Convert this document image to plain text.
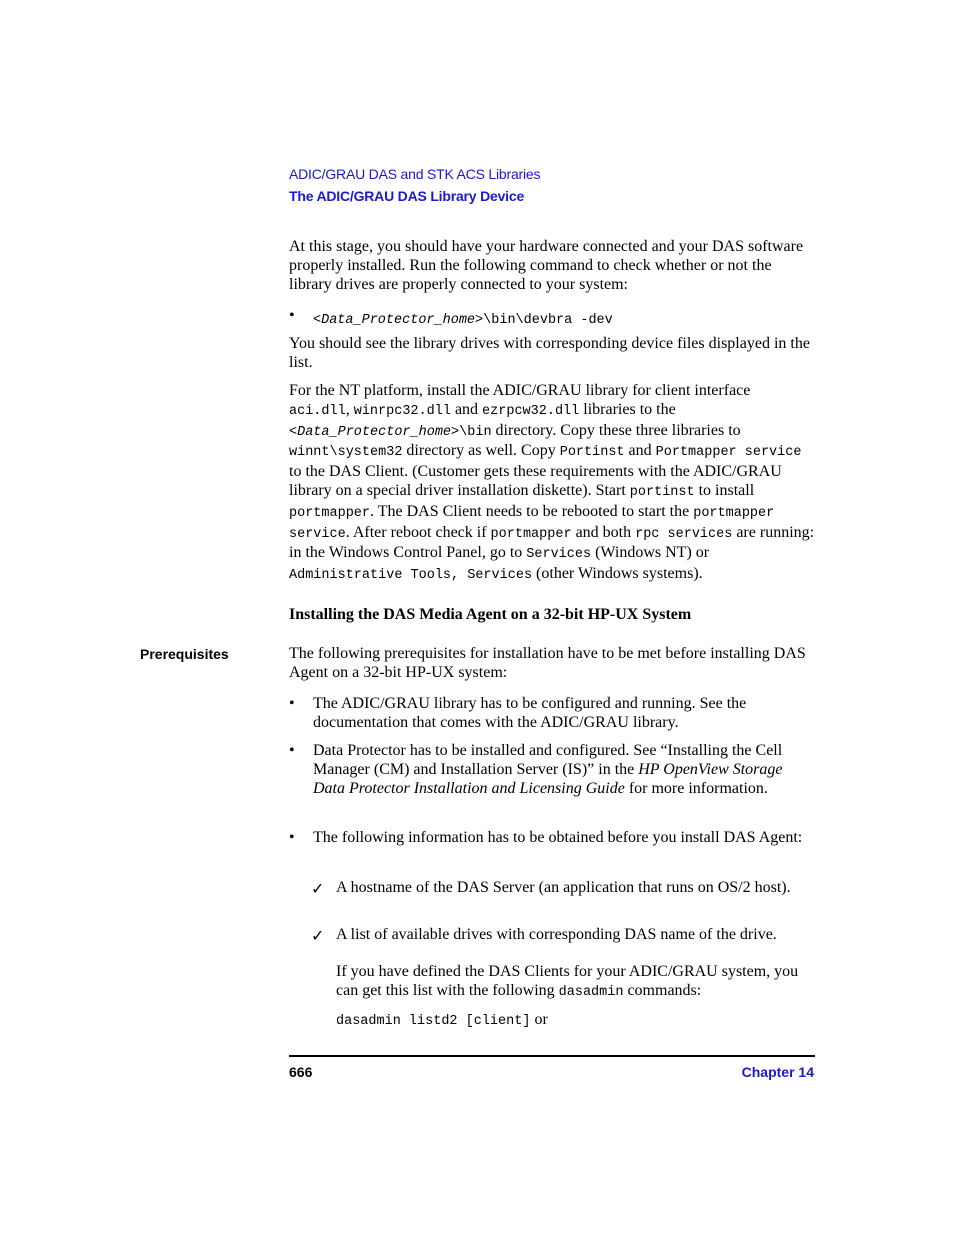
ADIC/GRAU DAS and STK ACS Libraries
The ADIC/GRAU DAS Library Device

At this stage, you should have your hardware connected and your DAS software properly installed. Run the following command to check whether or not the library drives are properly connected to your system:

• <Data_Protector_home>\bin\devbra -dev

You should see the library drives with corresponding device files displayed in the list.

For the NT platform, install the ADIC/GRAU library for client interface aci.dll, winrpc32.dll and ezrpcw32.dll libraries to the <Data_Protector_home>\bin directory. Copy these three libraries to winnt\system32 directory as well. Copy Portinst and Portmapper service to the DAS Client. (Customer gets these requirements with the ADIC/GRAU library on a special driver installation diskette). Start portinst to install portmapper. The DAS Client needs to be rebooted to start the portmapper service. After reboot check if portmapper and both rpc services are running: in the Windows Control Panel, go to Services (Windows NT) or Administrative Tools, Services (other Windows systems).

Installing the DAS Media Agent on a 32-bit HP-UX System
Prerequisites	The following prerequisites for installation have to be met before installing DAS Agent on a 32-bit HP-UX system:

• The ADIC/GRAU library has to be configured and running. See the documentation that comes with the ADIC/GRAU library.

• Data Protector has to be installed and configured. See “Installing the Cell Manager (CM) and Installation Server (IS)” in the HP OpenView Storage Data Protector Installation and Licensing Guide for more information.

• The following information has to be obtained before you install DAS Agent:

✓ A hostname of the DAS Server (an application that runs on OS/2 host).

✓ A list of available drives with corresponding DAS name of the drive.

If you have defined the DAS Clients for your ADIC/GRAU system, you can get this list with the following dasadmin commands:

dasadmin listd2 [client] or
666	Chapter 14
